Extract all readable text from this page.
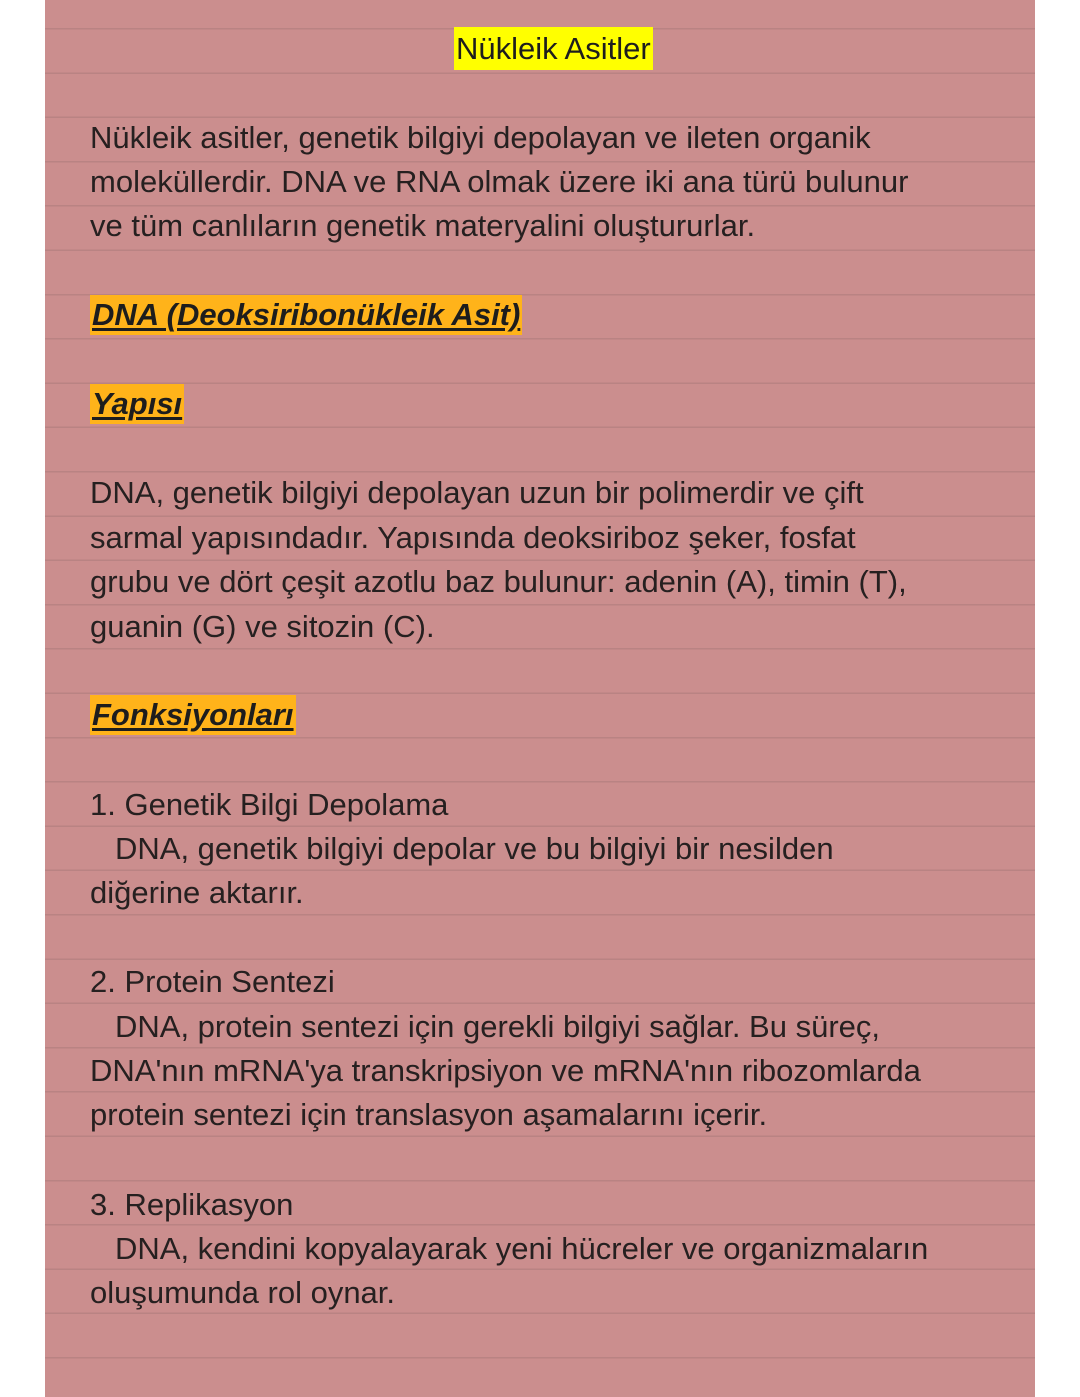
Nükleik Asitler
Nükleik asitler, genetik bilgiyi depolayan ve ileten organik
moleküllerdir. DNA ve RNA olmak üzere iki ana türü bulunur
ve tüm canlıların genetik materyalini oluştururlar.
DNA (Deoksiribonükleik Asit)
Yapısı
DNA, genetik bilgiyi depolayan uzun bir polimerdir ve çift
sarmal yapısındadır. Yapısında deoksiriboz şeker, fosfat
grubu ve dört çeşit azotlu baz bulunur: adenin (A), timin (T),
guanin (G) ve sitozin (C).
Fonksiyonları
1. Genetik Bilgi Depolama
DNA, genetik bilgiyi depolar ve bu bilgiyi bir nesilden
diğerine aktarır.
2. Protein Sentezi
DNA, protein sentezi için gerekli bilgiyi sağlar. Bu süreç,
DNA'nın mRNA'ya transkripsiyon ve mRNA'nın ribozomlarda
protein sentezi için translasyon aşamalarını içerir.
3. Replikasyon
DNA, kendini kopyalayarak yeni hücreler ve organizmaların
oluşumunda rol oynar.
